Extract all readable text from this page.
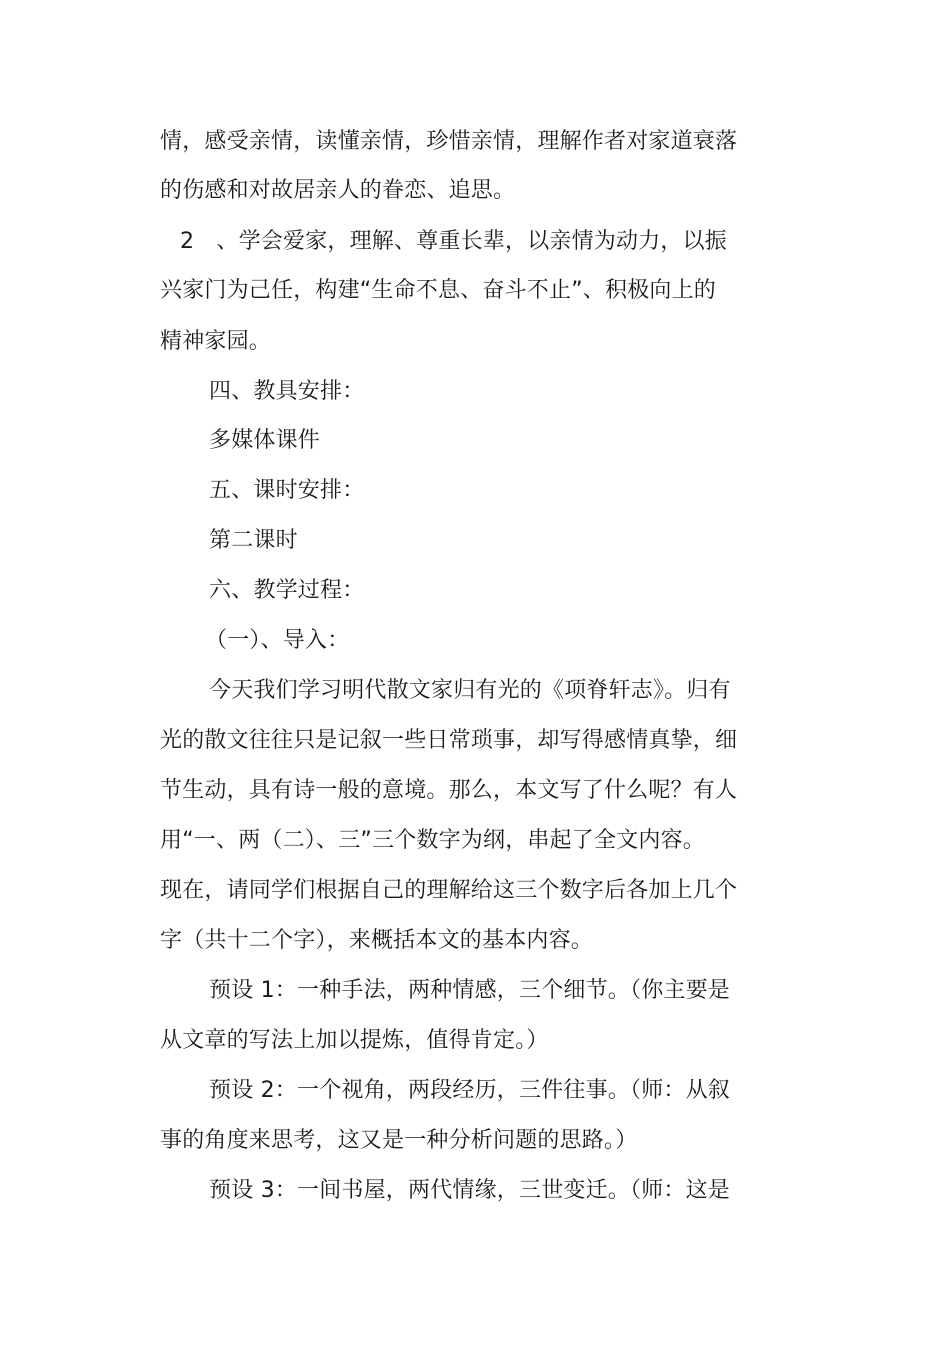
情，感受亲情，读懂亲情，珍惜亲情，理解作者对家道衰落
的伤感和对故居亲人的眷恋、追思。
2　、学会爱家，理解、尊重长辈，以亲情为动力，以振
兴家门为己任，构建“生命不息、奋斗不止”、积极向上的
精神家园。
四、教具安排：
多媒体课件
五、课时安排：
第二课时
六、教学过程：
（一）、导入：
今天我们学习明代散文家归有光的《项脊轩志》。归有
光的散文往往只是记叙一些日常琐事，却写得感情真挚，细
节生动，具有诗一般的意境。那么，本文写了什么呢？有人
用“一、两（二）、三”三个数字为纲，串起了全文内容。
现在，请同学们根据自己的理解给这三个数字后各加上几个
字（共十二个字），来概括本文的基本内容。
预设 1：一种手法，两种情感，三个细节。（你主要是
从文章的写法上加以提炼，值得肯定。）
预设 2：一个视角，两段经历，三件往事。（师：从叙
事的角度来思考，这又是一种分析问题的思路。）
预设 3：一间书屋，两代情缘，三世变迁。（师：这是
